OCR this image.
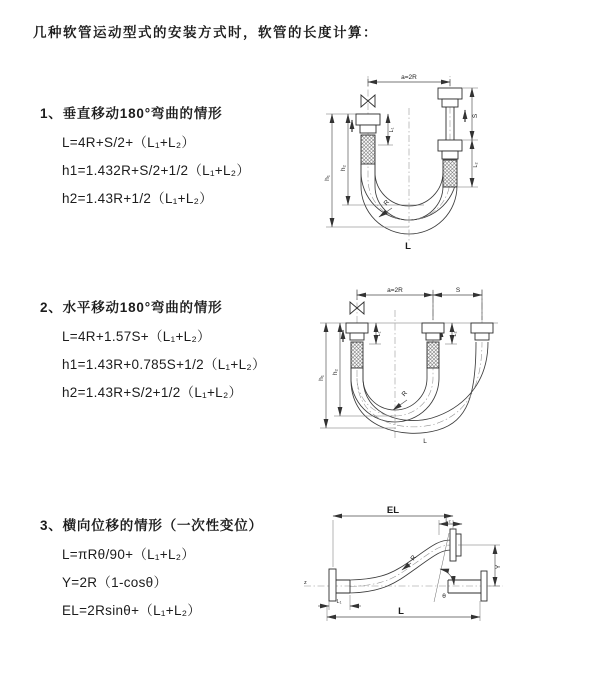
几种软管运动型式的安装方式时，软管的长度计算：
1、垂直移动180°弯曲的情形
L=4R+S/2+（L₁+L₂）
h1=1.432R+S/2+1/2（L₁+L₂）
h2=1.43R+1/2（L₁+L₂）
2、水平移动180°弯曲的情形
L=4R+1.57S+（L₁+L₂）
h1=1.43R+0.785S+1/2（L₁+L₂）
h2=1.43R+S/2+1/2（L₁+L₂）
3、横向位移的情形（一次性变位）
L=πRθ/90+（L₁+L₂）
Y=2R（1-cosθ）
EL=2Rsinθ+（L₁+L₂）
a=2R
L₁
S
L₂
h₁
h₂
R
L
a=2R	S
L₁	L₂
h₁
h₂
R
L
EL
L₂
Y
R
θ
L
L₁
z
